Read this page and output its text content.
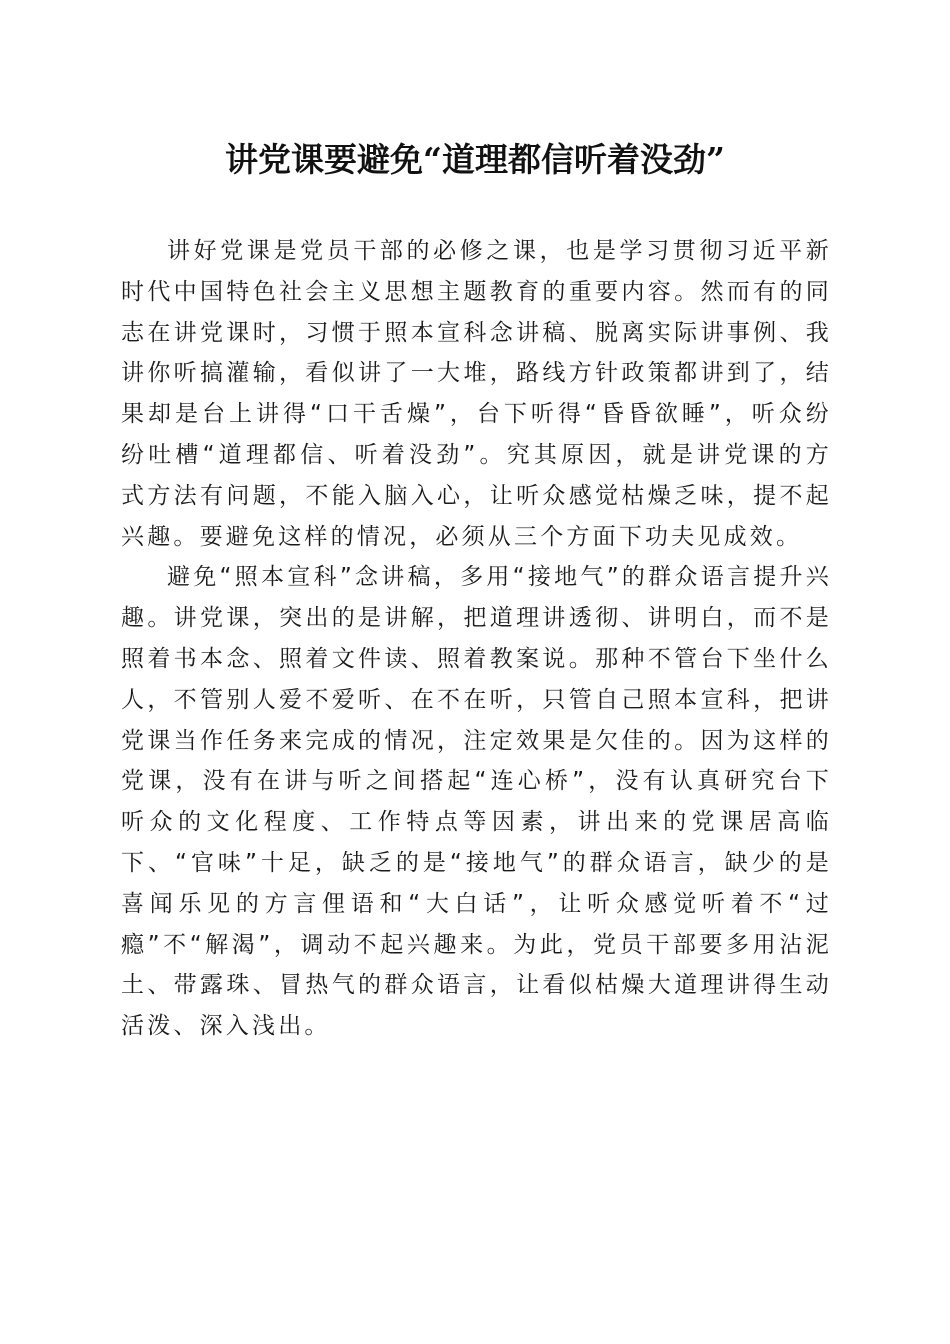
讲党课要避免“道理都信听着没劲”

讲好党课是党员干部的必修之课，也是学习贯彻习近平新时代中国特色社会主义思想主题教育的重要内容。然而有的同志在讲党课时，习惯于照本宣科念讲稿、脱离实际讲事例、我讲你听搞灌输，看似讲了一大堆，路线方针政策都讲到了，结果却是台上讲得“口干舌燥”，台下听得“昏昏欲睡”，听众纷纷吐槽“道理都信、听着没劲”。究其原因，就是讲党课的方式方法有问题，不能入脑入心，让听众感觉枯燥乏味，提不起兴趣。要避免这样的情况，必须从三个方面下功夫见成效。

避免“照本宣科”念讲稿，多用“接地气”的群众语言提升兴趣。讲党课，突出的是讲解，把道理讲透彻、讲明白，而不是照着书本念、照着文件读、照着教案说。那种不管台下坐什么人，不管别人爱不爱听、在不在听，只管自己照本宣科，把讲党课当作任务来完成的情况，注定效果是欠佳的。因为这样的党课，没有在讲与听之间搭起“连心桥”，没有认真研究台下听众的文化程度、工作特点等因素，讲出来的党课居高临下、“官味”十足，缺乏的是“接地气”的群众语言，缺少的是喜闻乐见的方言俚语和“大白话”，让听众感觉听着不“过瘾”不“解渴”，调动不起兴趣来。为此，党员干部要多用沾泥土、带露珠、冒热气的群众语言，让看似枯燥大道理讲得生动活泼、深入浅出。
